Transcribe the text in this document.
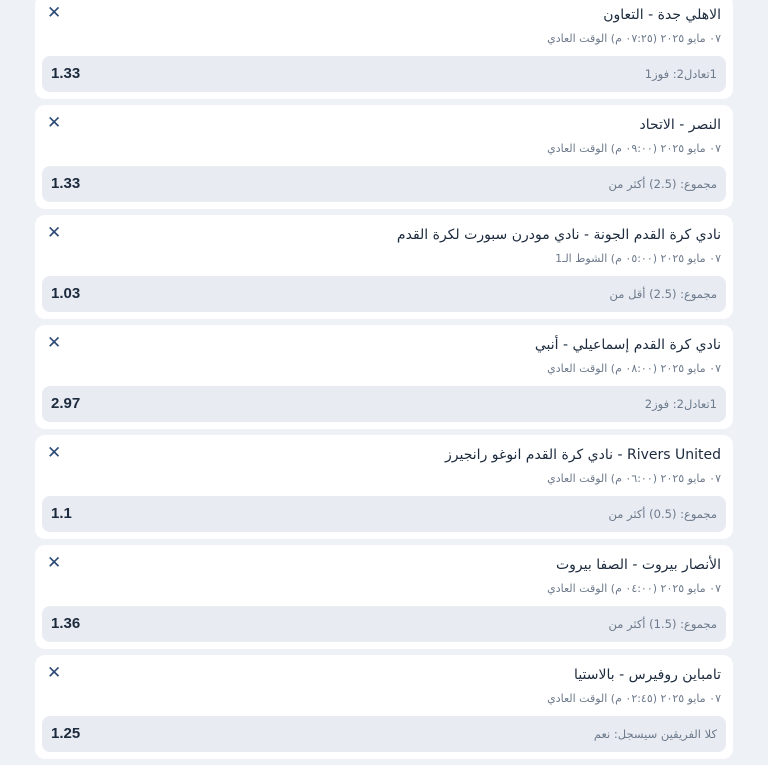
✕	الاهلي جدة - التعاون
٠٧ مايو ٢٠٢٥ (٠٧:٢٥ م) الوقت العادي
1.33	1تعادل2: فوز1
✕	النصر - الاتحاد
٠٧ مايو ٢٠٢٥ (٠٩:٠٠ م) الوقت العادي
1.33	مجموع: (2.5) أكثر من
✕	نادي كرة القدم الجونة - نادي مودرن سبورت لكرة القدم
٠٧ مايو ٢٠٢٥ (٠٥:٠٠ م) الشوط الـ1
1.03	مجموع: (2.5) أقل من
✕	نادي كرة القدم إسماعيلي - أنبي
٠٧ مايو ٢٠٢٥ (٠٨:٠٠ م) الوقت العادي
2.97	1تعادل2: فوز2
✕	Rivers United - نادي كرة القدم انوغو رانجيرز
٠٧ مايو ٢٠٢٥ (٠٦:٠٠ م) الوقت العادي
1.1	مجموع: (0.5) أكثر من
✕	الأنصار بيروت - الصفا بيروت
٠٧ مايو ٢٠٢٥ (٠٤:٠٠ م) الوقت العادي
1.36	مجموع: (1.5) أكثر من
✕	تامباين روفيرس - بالاستيا
٠٧ مايو ٢٠٢٥ (٠٢:٤٥ م) الوقت العادي
1.25	كلا الفريقين سيسجل: نعم
